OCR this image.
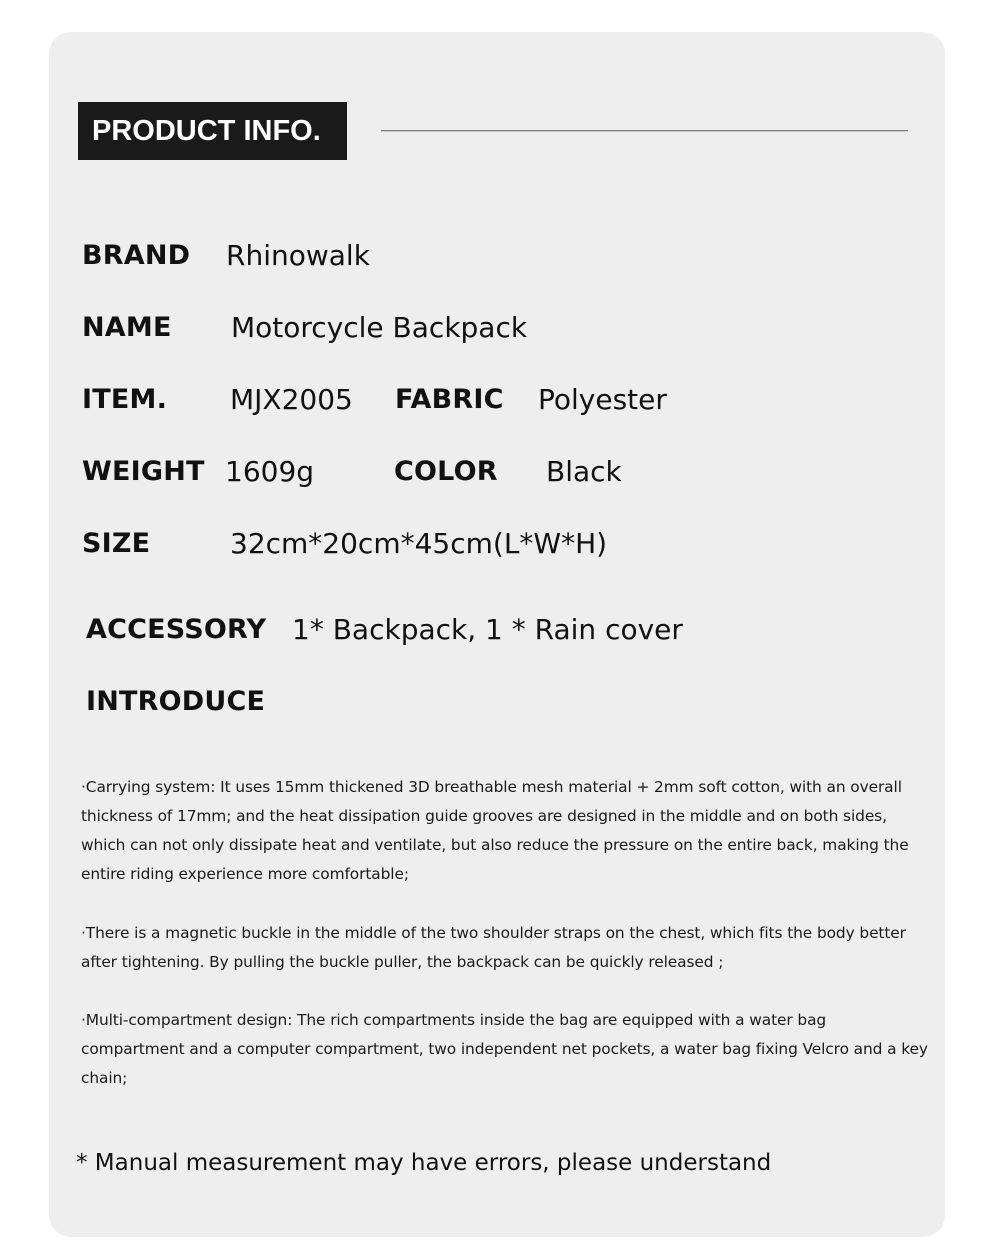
PRODUCT INFO.
BRAND Rhinowalk
NAME Motorcycle Backpack
ITEM. MJX2005 FABRIC Polyester
WEIGHT 1609g	COLOR Black
SIZE	32cm*20cm*45cm(L*W*H)
ACCESSORY 1* Backpack, 1 * Rain cover
INTRODUCE

·Carrying system: It uses 15mm thickened 3D breathable mesh material + 2mm soft cotton, with an overall thickness of 17mm; and the heat dissipation guide grooves are designed in the middle and on both sides, which can not only dissipate heat and ventilate, but also reduce the pressure on the entire back, making the entire riding experience more comfortable;

·There is a magnetic buckle in the middle of the two shoulder straps on the chest, which fits the body better after tightening. By pulling the buckle puller, the backpack can be quickly released ;

·Multi-compartment design: The rich compartments inside the bag are equipped with a water bag compartment and a computer compartment, two independent net pockets, a water bag fixing Velcro and a key chain;

* Manual measurement may have errors, please understand
